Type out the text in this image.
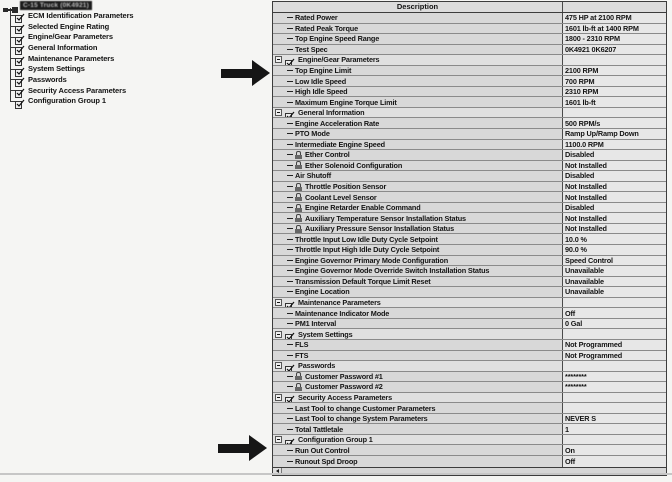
C-15 Truck (0K4921)
ECM Identification Parameters
Selected Engine Rating
Engine/Gear Parameters
General Information
Maintenance Parameters
System Settings
Passwords
Security Access Parameters
Configuration Group 1
Description
Rated Power	475 HP at 2100 RPM
Rated Peak Torque	1601 lb-ft at 1400 RPM
Top Engine Speed Range	1800 - 2310 RPM
Test Spec	0K4921 0K6207
Engine/Gear Parameters
Top Engine Limit	2100 RPM
Low Idle Speed	700 RPM
High Idle Speed	2310 RPM
Maximum Engine Torque Limit	1601 lb-ft
General Information
Engine Acceleration Rate	500 RPM/s
PTO Mode	Ramp Up/Ramp Down
Intermediate Engine Speed	1100.0 RPM
Ether Control	Disabled
Ether Solenoid Configuration	Not Installed
Air Shutoff	Disabled
Throttle Position Sensor	Not Installed
Coolant Level Sensor	Not Installed
Engine Retarder Enable Command	Disabled
Auxiliary Temperature Sensor Installation Status	Not Installed
Auxiliary Pressure Sensor Installation Status	Not Installed
Throttle Input Low Idle Duty Cycle Setpoint	10.0 %
Throttle Input High Idle Duty Cycle Setpoint	90.0 %
Engine Governor Primary Mode Configuration	Speed Control
Engine Governor Mode Override Switch Installation Status	Unavailable
Transmission Default Torque Limit Reset	Unavailable
Engine Location	Unavailable
Maintenance Parameters
Maintenance Indicator Mode	Off
PM1 Interval	0 Gal
System Settings
FLS	Not Programmed
FTS	Not Programmed
Passwords
Customer Password #1	********
Customer Password #2	********
Security Access Parameters
Last Tool to change Customer Parameters
Last Tool to change System Parameters	NEVER S
Total Tattletale	1
Configuration Group 1
Run Out Control	On
Runout Spd Droop	Off
